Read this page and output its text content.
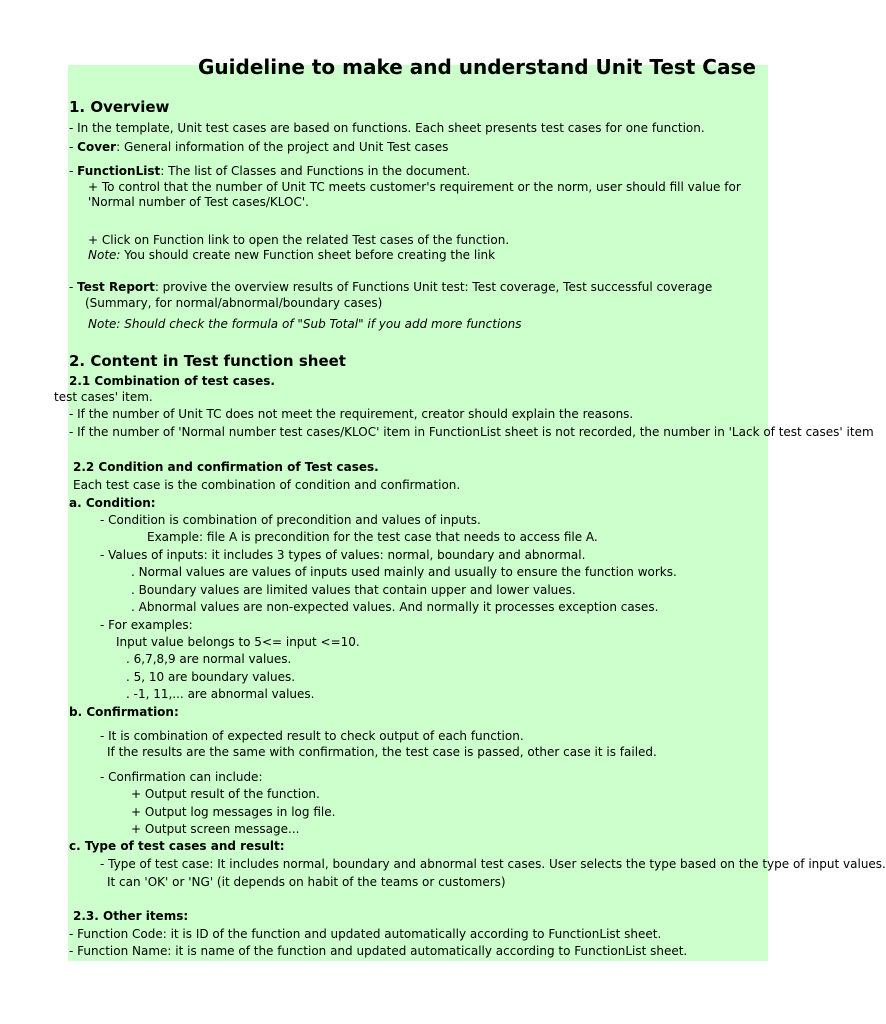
Guideline to make and understand Unit Test Case
1. Overview
- In the template, Unit test cases are based on functions. Each sheet presents test cases for one function.
- Cover: General information of the project and Unit Test cases
- FunctionList: The list of Classes and Functions in the document.
+ To control that the number of Unit TC meets customer's requirement or the norm, user should fill value for
'Normal number of Test cases/KLOC'.
+ Click on Function link to open the related Test cases of the function.
Note: You should create new Function sheet before creating the link
- Test Report: provive the overview results of Functions Unit test: Test coverage, Test successful coverage
(Summary, for normal/abnormal/boundary cases)
Note: Should check the formula of "Sub Total" if you add more functions
2. Content in Test function sheet
2.1 Combination of test cases.
test cases' item.
- If the number of Unit TC does not meet the requirement, creator should explain the reasons.
- If the number of 'Normal number test cases/KLOC' item in FunctionList sheet is not recorded, the number in 'Lack of test cases' item
2.2 Condition and confirmation of Test cases.
Each test case is the combination of condition and confirmation.
a. Condition:
- Condition is combination of precondition and values of inputs.
Example: file A is precondition for the test case that needs to access file A.
- Values of inputs: it includes 3 types of values: normal, boundary and abnormal.
. Normal values are values of inputs used mainly and usually to ensure the function works.
. Boundary values are limited values that contain upper and lower values.
. Abnormal values are non-expected values. And normally it processes exception cases.
- For examples:
Input value belongs to 5<= input <=10.
. 6,7,8,9 are normal values.
. 5, 10 are boundary values.
. -1, 11,... are abnormal values.
b. Confirmation:
- It is combination of expected result to check output of each function.
If the results are the same with confirmation, the test case is passed, other case it is failed.
- Confirmation can include:
+ Output result of the function.
+ Output log messages in log file.
+ Output screen message...
c. Type of test cases and result:
- Type of test case: It includes normal, boundary and abnormal test cases. User selects the type based on the type of input values.
It can 'OK' or 'NG' (it depends on habit of the teams or customers)
2.3. Other items:
- Function Code: it is ID of the function and updated automatically according to FunctionList sheet.
- Function Name: it is name of the function and updated automatically according to FunctionList sheet.
